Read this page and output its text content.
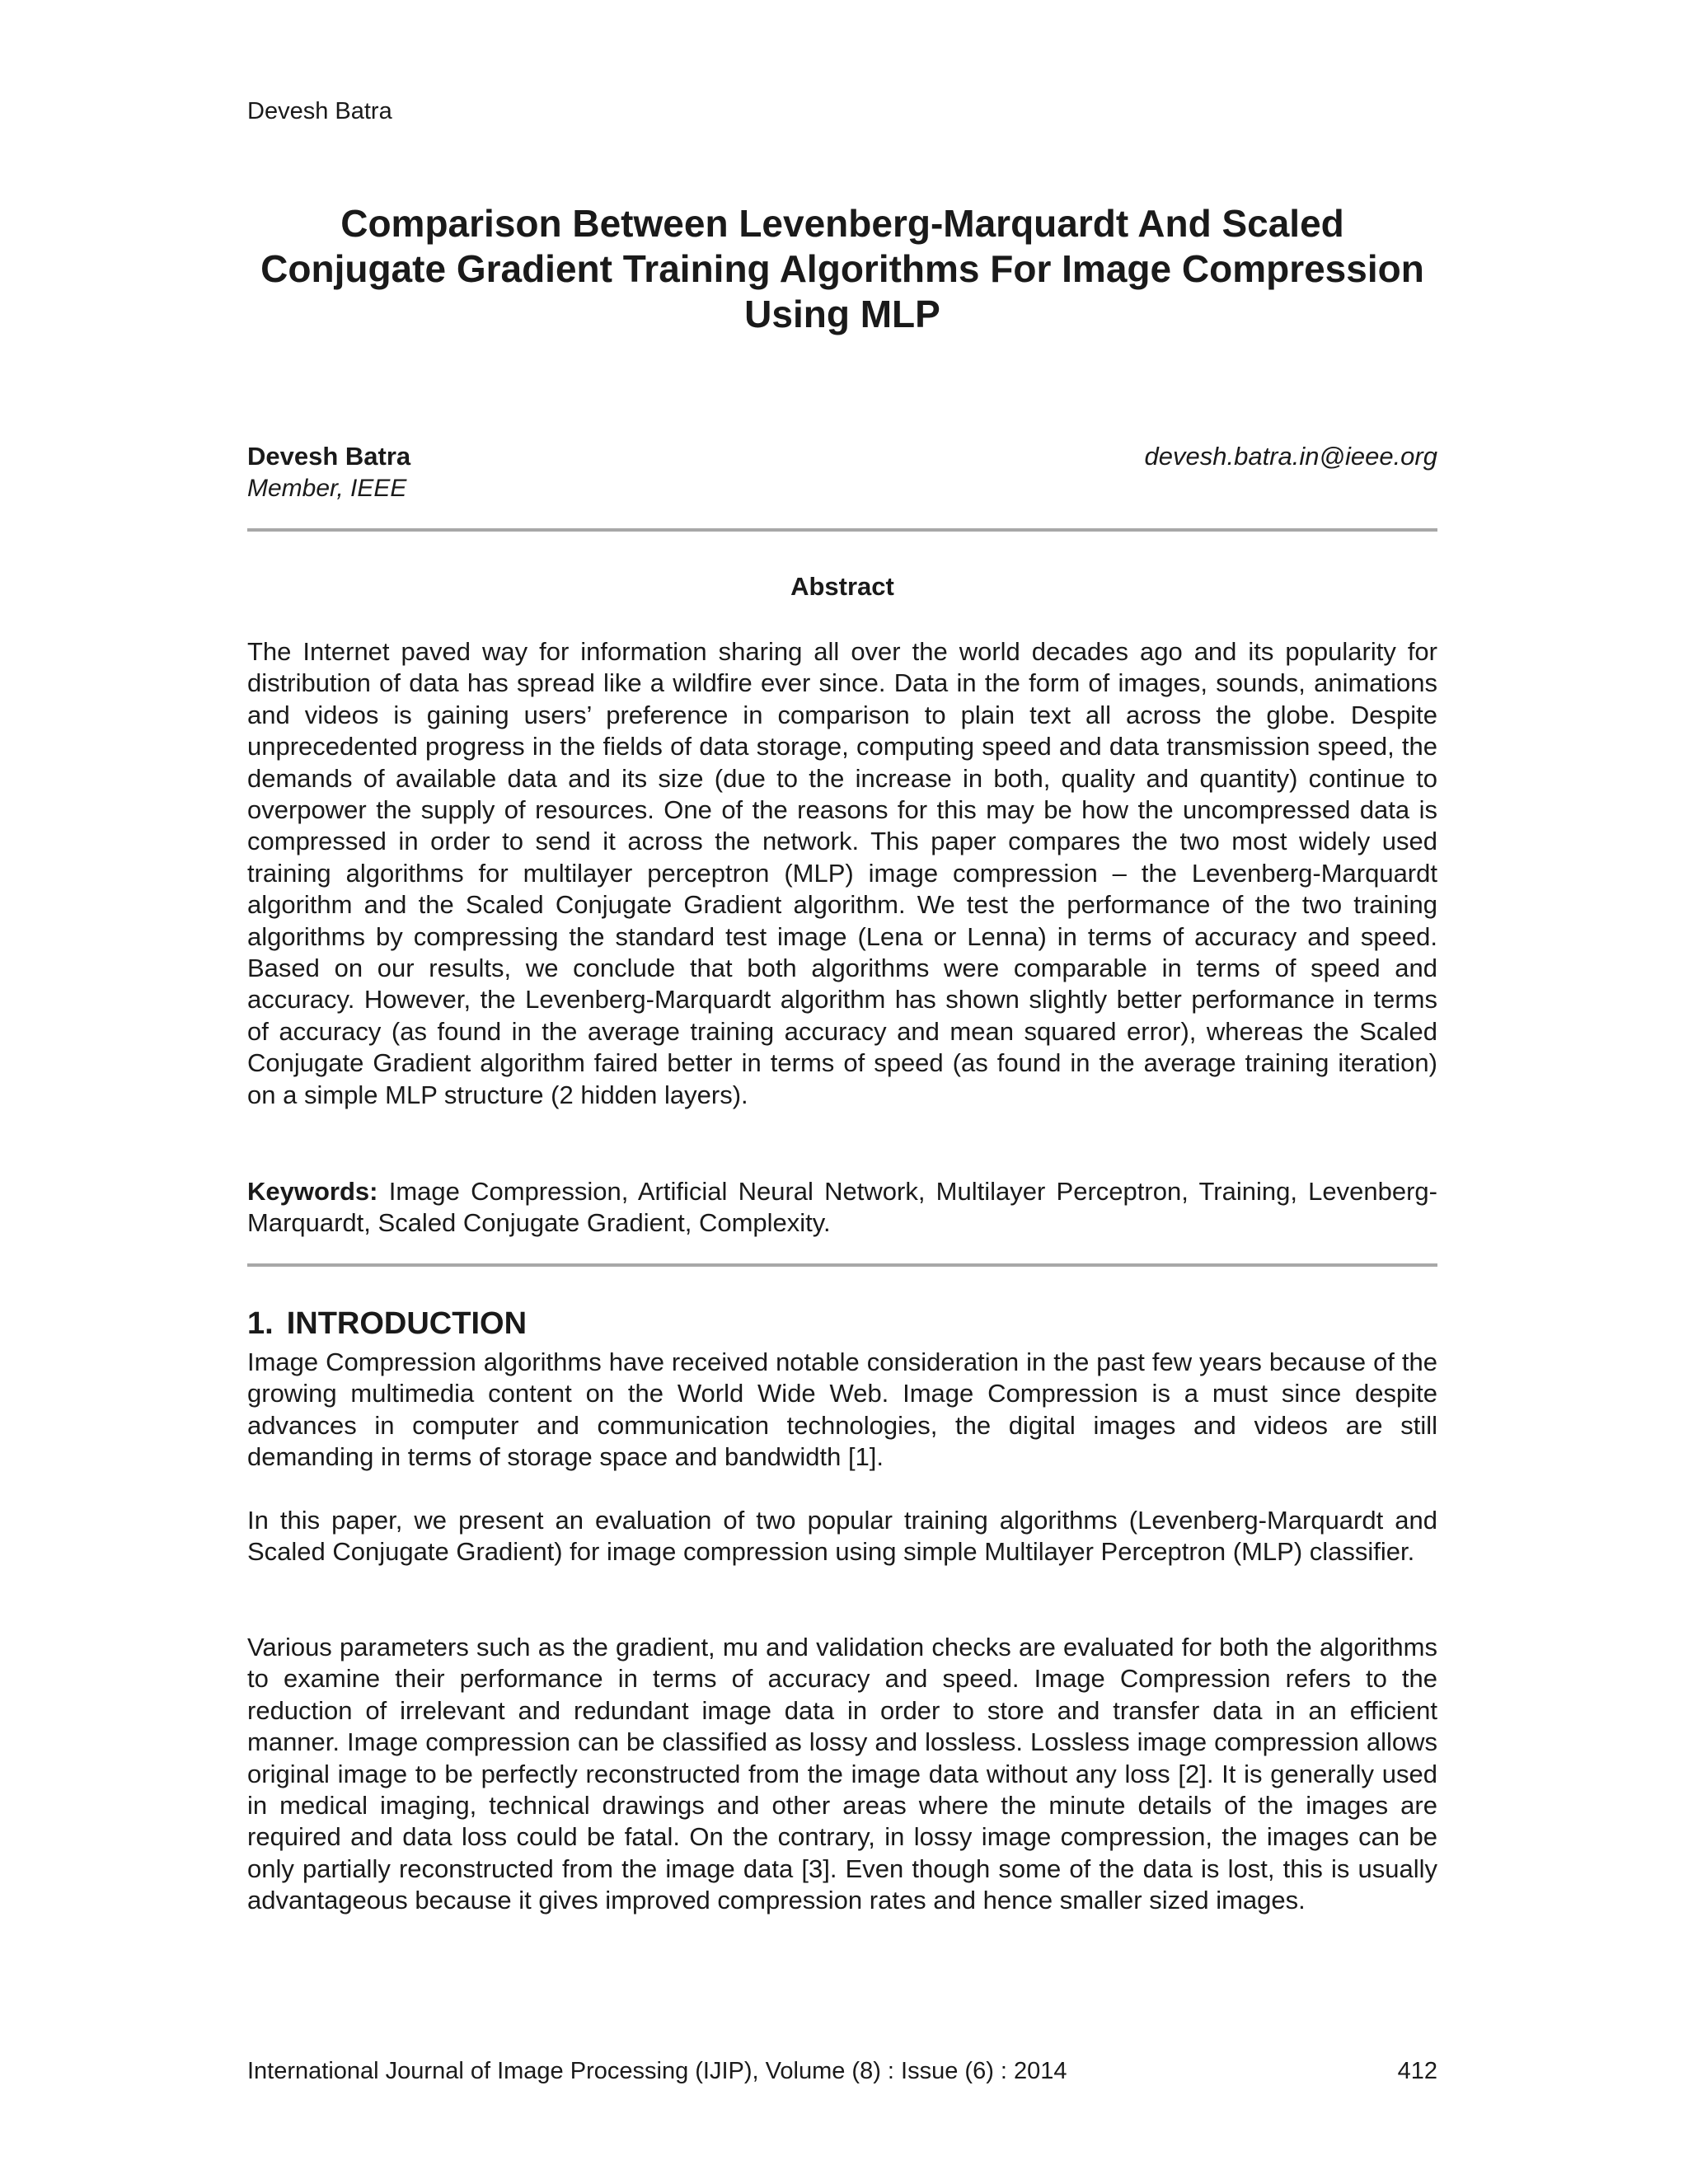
Devesh Batra
Comparison Between Levenberg-Marquardt And Scaled Conjugate Gradient Training Algorithms For Image Compression Using MLP
Devesh Batra
Member, IEEE
devesh.batra.in@ieee.org
Abstract

The Internet paved way for information sharing all over the world decades ago and its popularity for distribution of data has spread like a wildfire ever since. Data in the form of images, sounds, animations and videos is gaining users’ preference in comparison to plain text all across the globe. Despite unprecedented progress in the fields of data storage, computing speed and data transmission speed, the demands of available data and its size (due to the increase in both, quality and quantity) continue to overpower the supply of resources. One of the reasons for this may be how the uncompressed data is compressed in order to send it across the network. This paper compares the two most widely used training algorithms for multilayer perceptron (MLP) image compression – the Levenberg-Marquardt algorithm and the Scaled Conjugate Gradient algorithm. We test the performance of the two training algorithms by compressing the standard test image (Lena or Lenna) in terms of accuracy and speed. Based on our results, we conclude that both algorithms were comparable in terms of speed and accuracy. However, the Levenberg-Marquardt algorithm has shown slightly better performance in terms of accuracy (as found in the average training accuracy and mean squared error), whereas the Scaled Conjugate Gradient algorithm faired better in terms of speed (as found in the average training iteration) on a simple MLP structure (2 hidden layers).

Keywords: Image Compression, Artificial Neural Network, Multilayer Perceptron, Training, Levenberg-Marquardt, Scaled Conjugate Gradient, Complexity.

1. INTRODUCTION

Image Compression algorithms have received notable consideration in the past few years because of the growing multimedia content on the World Wide Web. Image Compression is a must since despite advances in computer and communication technologies, the digital images and videos are still demanding in terms of storage space and bandwidth [1].

In this paper, we present an evaluation of two popular training algorithms (Levenberg-Marquardt and Scaled Conjugate Gradient) for image compression using simple Multilayer Perceptron (MLP) classifier.

Various parameters such as the gradient, mu and validation checks are evaluated for both the algorithms to examine their performance in terms of accuracy and speed. Image Compression refers to the reduction of irrelevant and redundant image data in order to store and transfer data in an efficient manner. Image compression can be classified as lossy and lossless. Lossless image compression allows original image to be perfectly reconstructed from the image data without any loss [2]. It is generally used in medical imaging, technical drawings and other areas where the minute details of the images are required and data loss could be fatal. On the contrary, in lossy image compression, the images can be only partially reconstructed from the image data [3]. Even though some of the data is lost, this is usually advantageous because it gives improved compression rates and hence smaller sized images.

International Journal of Image Processing (IJIP), Volume (8) : Issue (6) : 2014	412
